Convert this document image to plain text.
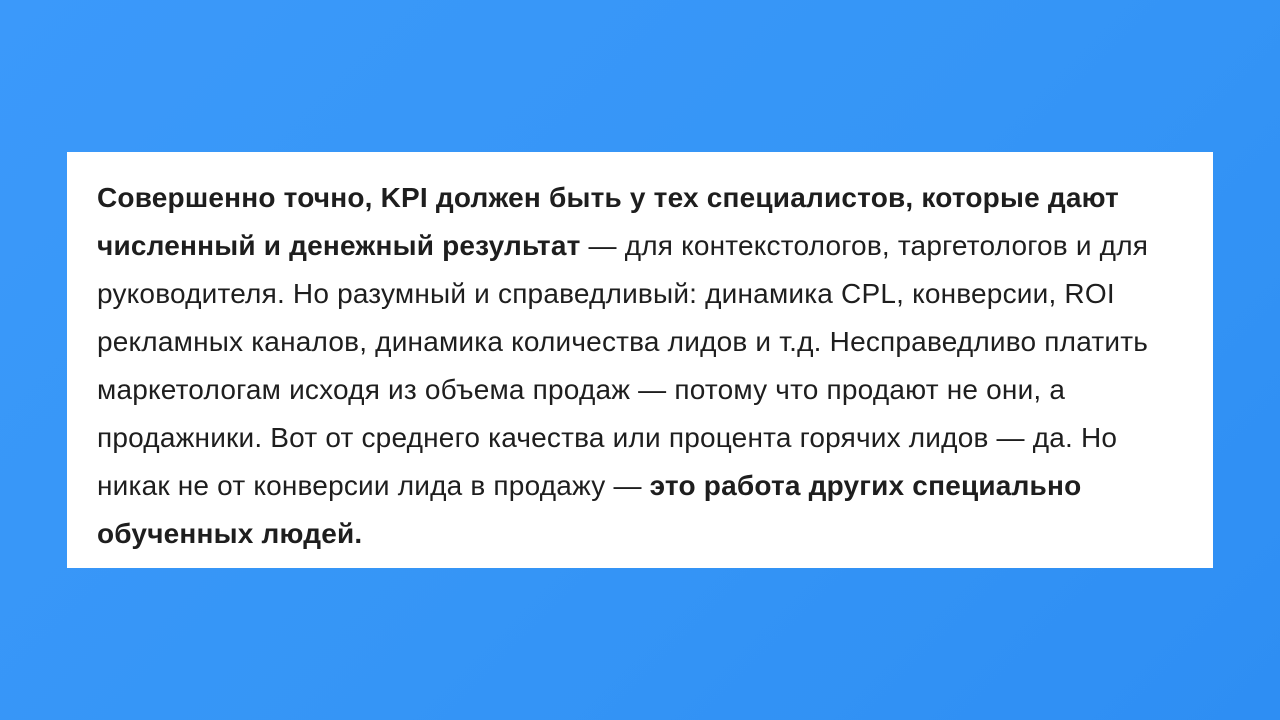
Совершенно точно, KPI должен быть у тех специалистов, которые дают численный и денежный результат — для контекстологов, таргетологов и для руководителя. Но разумный и справедливый: динамика CPL, конверсии, ROI рекламных каналов, динамика количества лидов и т.д. Несправедливо платить маркетологам исходя из объема продаж — потому что продают не они, а продажники. Вот от среднего качества или процента горячих лидов — да. Но никак не от конверсии лида в продажу — это работа других специально обученных людей.
